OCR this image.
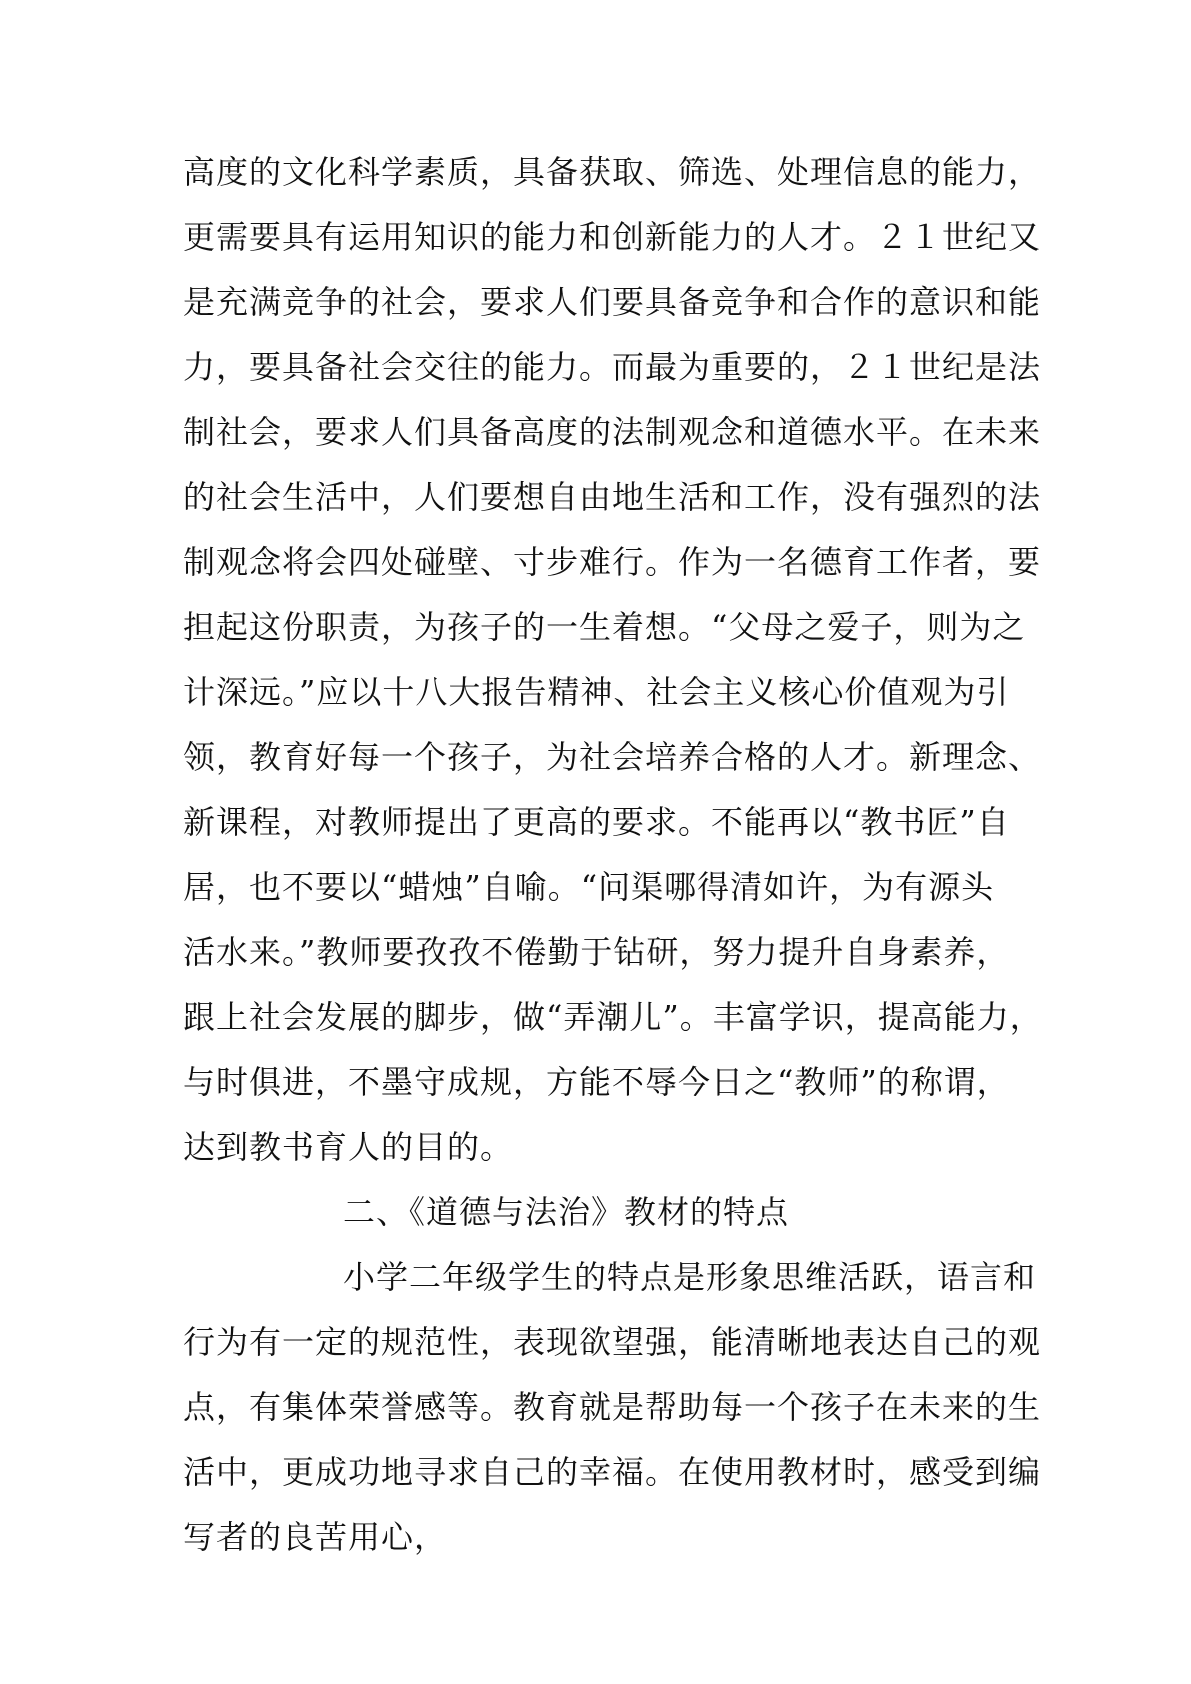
高度的文化科学素质，具备获取、筛选、处理信息的能力，
更需要具有运用知识的能力和创新能力的人才。２１世纪又
是充满竞争的社会，要求人们要具备竞争和合作的意识和能
力，要具备社会交往的能力。而最为重要的，２１世纪是法
制社会，要求人们具备高度的法制观念和道德水平。在未来
的社会生活中，人们要想自由地生活和工作，没有强烈的法
制观念将会四处碰壁、寸步难行。作为一名德育工作者，要
担起这份职责，为孩子的一生着想。“父母之爱子，则为之
计深远。”应以十八大报告精神、社会主义核心价值观为引
领，教育好每一个孩子，为社会培养合格的人才。新理念、
新课程，对教师提出了更高的要求。不能再以“教书匠”自
居，也不要以“蜡烛”自喻。“问渠哪得清如许，为有源头
活水来。”教师要孜孜不倦勤于钻研，努力提升自身素养，
跟上社会发展的脚步，做“弄潮儿”。丰富学识，提高能力，
与时俱进，不墨守成规，方能不辱今日之“教师”的称谓，
达到教书育人的目的。
二、《道德与法治》教材的特点
小学二年级学生的特点是形象思维活跃，语言和
行为有一定的规范性，表现欲望强，能清晰地表达自己的观
点，有集体荣誉感等。教育就是帮助每一个孩子在未来的生
活中，更成功地寻求自己的幸福。在使用教材时，感受到编
写者的良苦用心，
